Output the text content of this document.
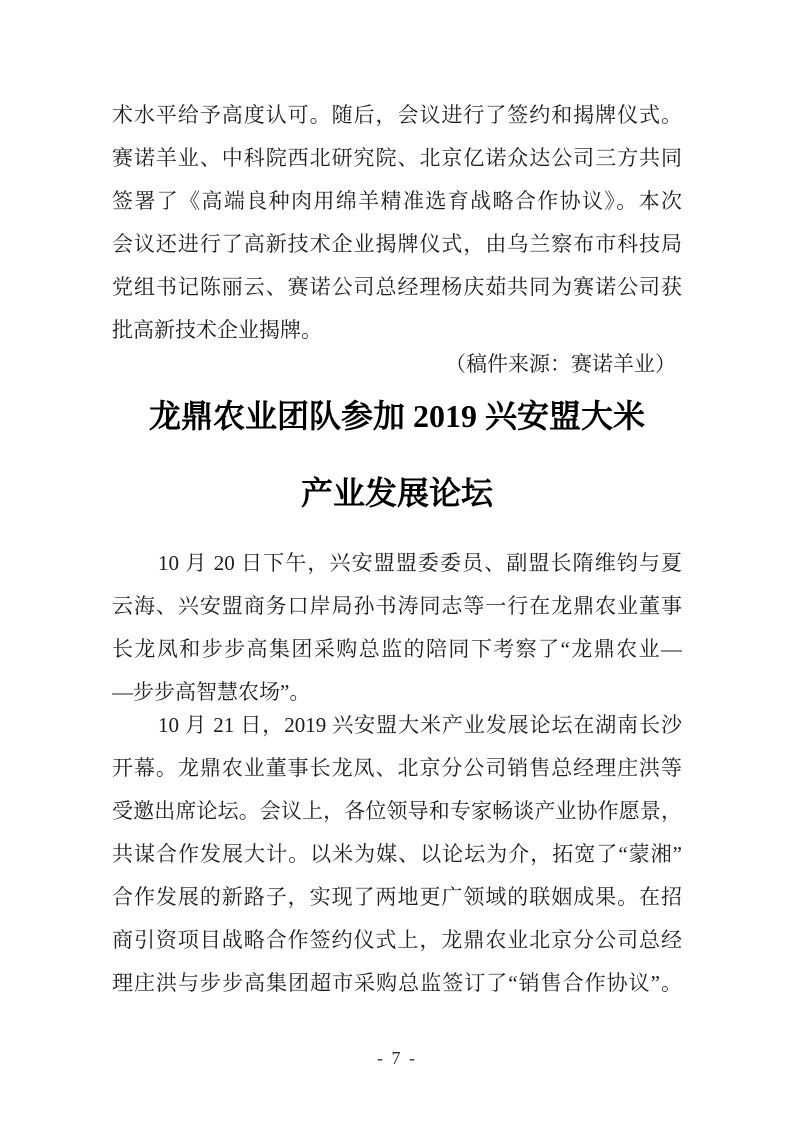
术水平给予高度认可。随后，会议进行了签约和揭牌仪式。
赛诺羊业、中科院西北研究院、北京亿诺众达公司三方共同
签署了《高端良种肉用绵羊精准选育战略合作协议》。本次
会议还进行了高新技术企业揭牌仪式，由乌兰察布市科技局
党组书记陈丽云、赛诺公司总经理杨庆茹共同为赛诺公司获
批高新技术企业揭牌。
（稿件来源：赛诺羊业）
龙鼎农业团队参加 2019 兴安盟大米
产业发展论坛
10 月 20 日下午，兴安盟盟委委员、副盟长隋维钧与夏
云海、兴安盟商务口岸局孙书涛同志等一行在龙鼎农业董事
长龙凤和步步高集团采购总监的陪同下考察了“龙鼎农业—
—步步高智慧农场”。
10 月 21 日，2019 兴安盟大米产业发展论坛在湖南长沙
开幕。龙鼎农业董事长龙凤、北京分公司销售总经理庄洪等
受邀出席论坛。会议上，各位领导和专家畅谈产业协作愿景，
共谋合作发展大计。以米为媒、以论坛为介，拓宽了“蒙湘”
合作发展的新路子，实现了两地更广领域的联姻成果。在招
商引资项目战略合作签约仪式上，龙鼎农业北京分公司总经
理庄洪与步步高集团超市采购总监签订了“销售合作协议”。
- 7 -
